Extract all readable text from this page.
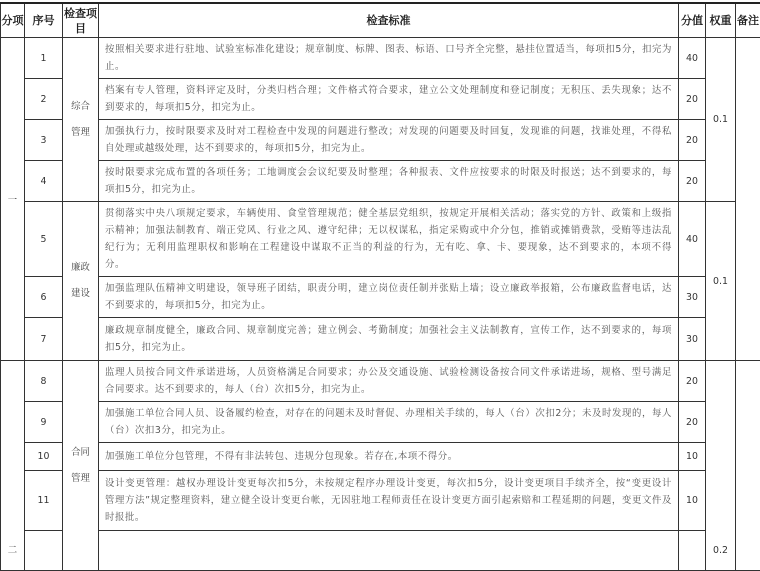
分项	序号	检查项目	检查标准	分值	权重	备注
一	1	综合管理	按照相关要求进行驻地、试验室标准化建设；规章制度、标牌、图表、标语、口号齐全完整，悬挂位置适当，每项扣5分，扣完为止。	40	0.1	
	2		档案有专人管理，资料评定及时，分类归档合理；文件格式符合要求，建立公文处理制度和登记制度；无积压、丢失现象；达不到要求的，每项扣5分，扣完为止。	20		
	3		加强执行力，按时限要求及时对工程检查中发现的问题进行整改；对发现的问题要及时回复，发现谁的问题，找谁处理，不得私自处理或越级处理，达不到要求的，每项扣5分，扣完为止。	20		
	4		按时限要求完成布置的各项任务；工地调度会会议纪要及时整理；各种报表、文件应按要求的时限及时报送；达不到要求的，每项扣5分，扣完为止。	20		
	5	廉政建设	贯彻落实中央八项规定要求，车辆使用、食堂管理规范；健全基层党组织，按规定开展相关活动；落实党的方针、政策和上级指示精神；加强法制教育、端正党风、行业之风、遵守纪律；无以权谋私，指定采购或中介分包，推销或摊销费款，受贿等违法乱纪行为；无利用监理职权和影响在工程建设中谋取不正当的利益的行为，无有吃、拿、卡、要现象，达不到要求的，本项不得分。	40	0.1	
	6		加强监理队伍精神文明建设，领导班子团结，职责分明，建立岗位责任制并张贴上墙；设立廉政举报箱，公布廉政监督电话，达不到要求的，每项扣5分，扣完为止。	30		
	7		廉政规章制度健全，廉政合同、规章制度完善；建立例会、考勤制度；加强社会主义法制教育，宣传工作，达不到要求的，每项扣5分，扣完为止。	30		
二	8	合同管理	监理人员按合同文件承诺进场，人员资格满足合同要求；办公及交通设施、试验检测设备按合同文件承诺进场，规格、型号满足合同要求。达不到要求的，每人（台）次扣5分，扣完为止。	20	0.2	
	9		加强施工单位合同人员、设备履约检查，对存在的问题未及时督促、办理相关手续的，每人（台）次扣2分；未及时发现的，每人（台）次扣3分，扣完为止。	20		
	10		加强施工单位分包管理，不得有非法转包、违规分包现象。若存在,本项不得分。	10		
	11		设计变更管理：越权办理设计变更每次扣5分，未按规定程序办理设计变更，每次扣5分，设计变更项目手续齐全，按“变更设计管理方法”规定整理资料，建立健全设计变更台帐，无因驻地工程师责任在设计变更方面引起索赔和工程延期的问题，变更文件及时报批。	10		
